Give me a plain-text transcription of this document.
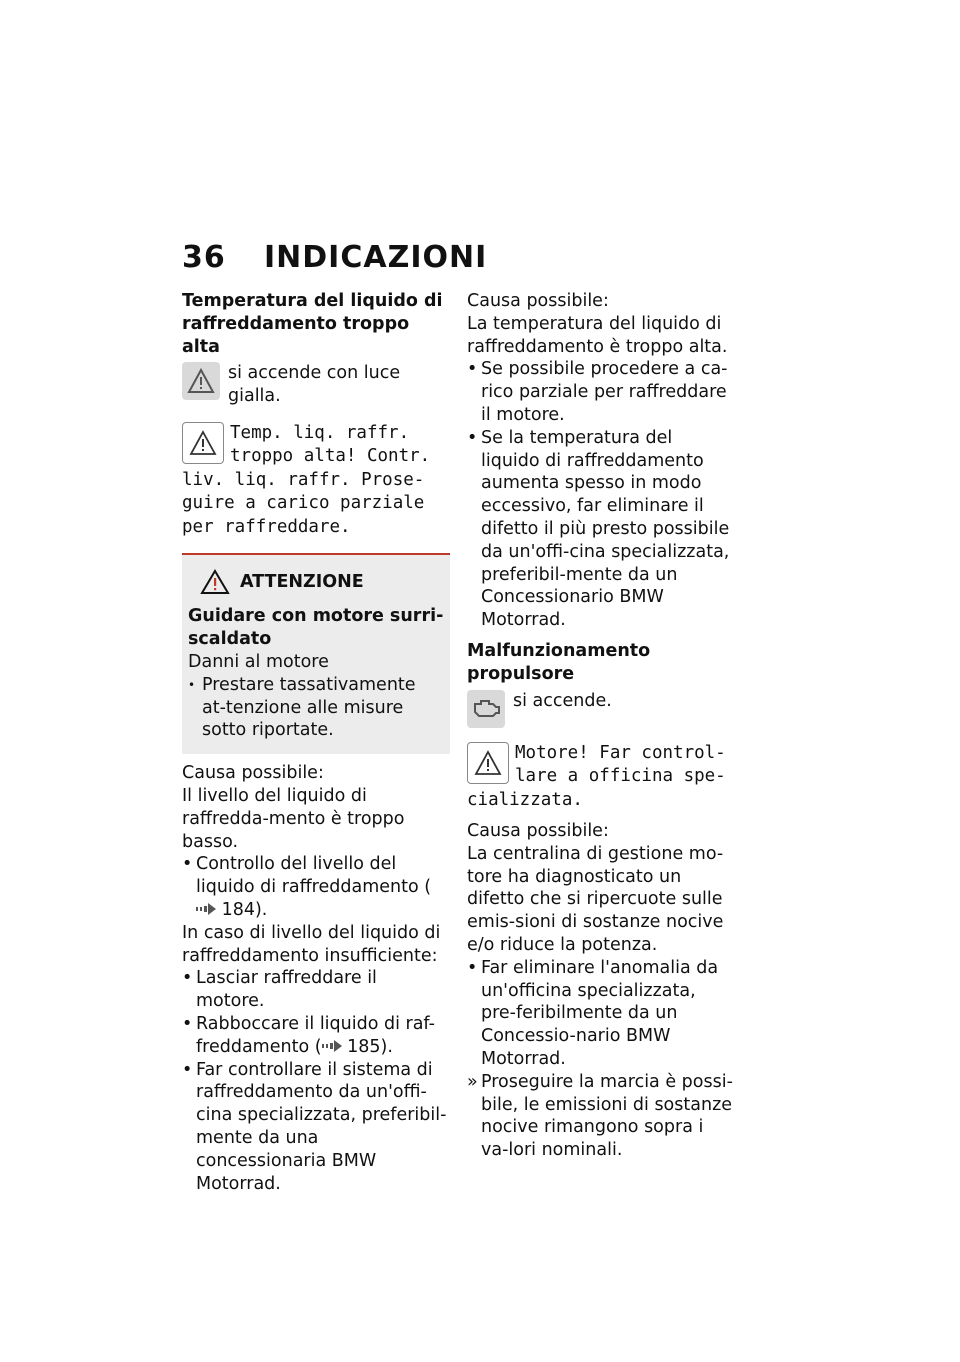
36 INDICAZIONI

Temperatura del liquido di raffreddamento troppo alta

si accende con luce gialla.
Temp. liq. raffr.
troppo alta! Contr.
liv. liq. raffr. Prose-
guire a carico parziale
per raffreddare.
ATTENZIONE

Guidare con motore surri-scaldato

Danni al motore

• Prestare tassativamente at-tenzione alle misure sotto riportate.

Causa possibile:

Il livello del liquido di raffredda-mento è troppo basso.

• Controllo del livello del liquido di raffreddamento (
184).

In caso di livello del liquido di raffreddamento insufficiente:

• Lasciar raffreddare il motore.
• Rabboccare il liquido di raf-freddamento ( 185).
• Far controllare il sistema di raffreddamento da un'offi-cina specializzata, preferibil-mente da una concessionaria BMW Motorrad.

Causa possibile:

La temperatura del liquido di raffreddamento è troppo alta.

• Se possibile procedere a ca-rico parziale per raffreddare il motore.
• Se la temperatura del liquido di raffreddamento aumenta spesso in modo eccessivo, far eliminare il difetto il più presto possibile da un'offi-cina specializzata, preferibil-mente da un Concessionario BMW Motorrad.

Malfunzionamento propulsore

si accende.
Motore! Far control-
lare a officina spe-
cializzata.

Causa possibile:

La centralina di gestione mo-tore ha diagnosticato un difetto che si ripercuote sulle emis-sioni di sostanze nocive e/o riduce la potenza.

• Far eliminare l'anomalia da un'officina specializzata, pre-feribilmente da un Concessio-nario BMW Motorrad.
» Proseguire la marcia è possi-bile, le emissioni di sostanze nocive rimangono sopra i va-lori nominali.
